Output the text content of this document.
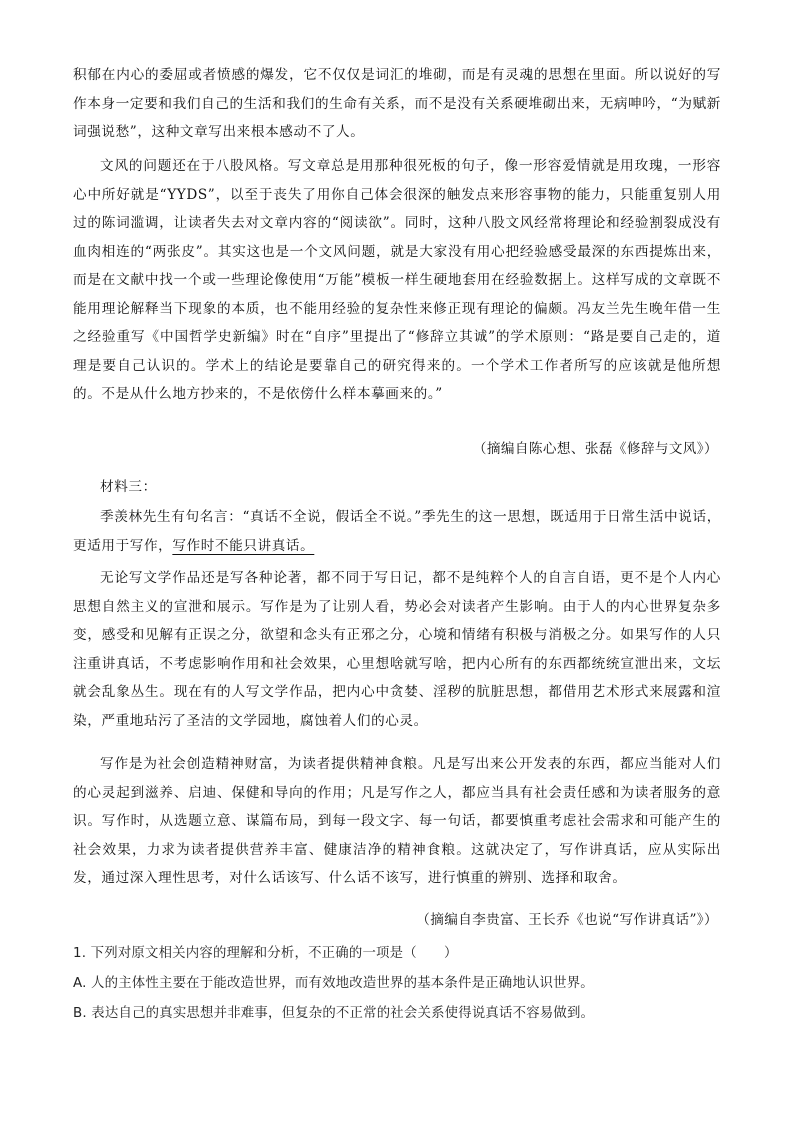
积郁在内心的委屈或者愤感的爆发，它不仅仅是词汇的堆砌，而是有灵魂的思想在里面。所以说好的写作本身一定要和我们自己的生活和我们的生命有关系，而不是没有关系硬堆砌出来，无病呻吟，“为赋新词强说愁”，这种文章写出来根本感动不了人。

文风的问题还在于八股风格。写文章总是用那种很死板的句子，像一形容爱情就是用玫瑰，一形容心中所好就是“YYDS”，以至于丧失了用你自己体会很深的触发点来形容事物的能力，只能重复别人用过的陈词滥调，让读者失去对文章内容的“阅读欲”。同时，这种八股文风经常将理论和经验割裂成没有血肉相连的“两张皮”。其实这也是一个文风问题，就是大家没有用心把经验感受最深的东西提炼出来，而是在文献中找一个或一些理论像使用“万能”模板一样生硬地套用在经验数据上。这样写成的文章既不能用理论解释当下现象的本质，也不能用经验的复杂性来修正现有理论的偏颇。冯友兰先生晚年借一生之经验重写《中国哲学史新编》时在“自序”里提出了“修辞立其诚”的学术原则：“路是要自己走的，道理是要自己认识的。学术上的结论是要靠自己的研究得来的。一个学术工作者所写的应该就是他所想的。不是从什么地方抄来的，不是依傍什么样本摹画来的。”

（摘编自陈心想、张磊《修辞与文风》）

材料三：

季羡林先生有句名言：“真话不全说，假话全不说。”季先生的这一思想，既适用于日常生活中说话，更适用于写作，写作时不能只讲真话。

无论写文学作品还是写各种论著，都不同于写日记，都不是纯粹个人的自言自语，更不是个人内心思想自然主义的宣泄和展示。写作是为了让别人看，势必会对读者产生影响。由于人的内心世界复杂多变，感受和见解有正误之分，欲望和念头有正邪之分，心境和情绪有积极与消极之分。如果写作的人只注重讲真话，不考虑影响作用和社会效果，心里想啥就写啥，把内心所有的东西都统统宣泄出来，文坛就会乱象丛生。现在有的人写文学作品，把内心中贪婪、淫秽的肮脏思想，都借用艺术形式来展露和渲染，严重地玷污了圣洁的文学园地，腐蚀着人们的心灵。

写作是为社会创造精神财富，为读者提供精神食粮。凡是写出来公开发表的东西，都应当能对人们的心灵起到滋养、启迪、保健和导向的作用；凡是写作之人，都应当具有社会责任感和为读者服务的意识。写作时，从选题立意、谋篇布局，到每一段文字、每一句话，都要慎重考虑社会需求和可能产生的社会效果，力求为读者提供营养丰富、健康洁净的精神食粮。这就决定了，写作讲真话，应从实际出发，通过深入理性思考，对什么话该写、什么话不该写，进行慎重的辨别、选择和取舍。

（摘编自李贵富、王长乔《也说“写作讲真话”》）

1. 下列对原文相关内容的理解和分析，不正确的一项是（　　）

A. 人的主体性主要在于能改造世界，而有效地改造世界的基本条件是正确地认识世界。

B. 表达自己的真实思想并非难事，但复杂的不正常的社会关系使得说真话不容易做到。
